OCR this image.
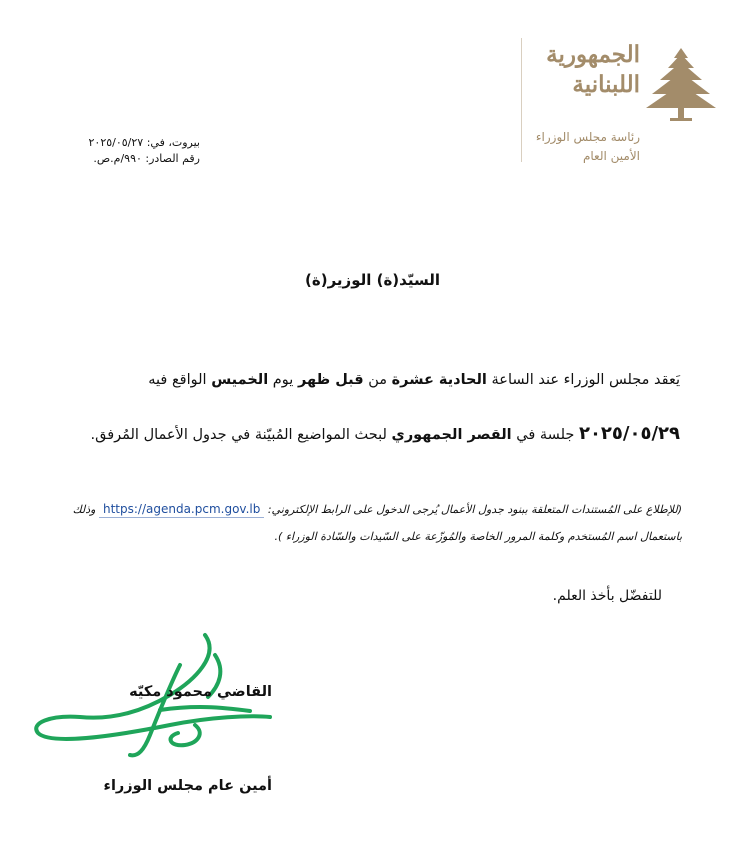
الجمهورية
اللبنانية
رئاسة مجلس الوزراء
الأمين العام
بيروت، في: ٢٠٢٥/٠٥/٢٧
رقم الصادر: ٩٩٠/م.ص.
السيّد(ة) الوزير(ة)
يَعقد مجلس الوزراء عند الساعة الحادية عشرة من قبل ظهر يوم الخميس الواقع فيه
٢٠٢٥/٠٥/٢٩ جلسة في القصر الجمهوري لبحث المواضيع المُبيّنة في جدول الأعمال المُرفق.
(للإطلاع على المُستندات المتعلقة ببنود جدول الأعمال يُرجى الدخول على الرابط الإلكتروني: https://agenda.pcm.gov.lb وذلك
باستعمال اسم المُستخدم وكلمة المرور الخاصة والمُوزّعة على السّيدات والسّادة الوزراء ).
للتفضّل بأخذ العلم.
القاضي محمود مكيّه
أمين عام مجلس الوزراء
